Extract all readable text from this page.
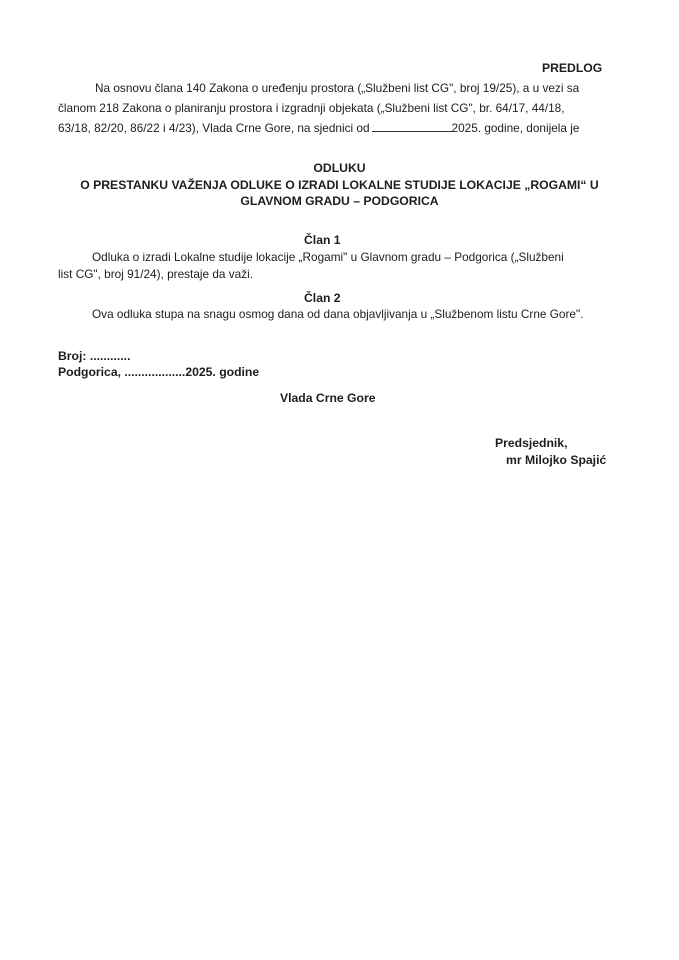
PREDLOG
Na osnovu člana 140 Zakona o uređenju prostora („Službeni list CG", broj 19/25), a u vezi sa
članom 218 Zakona o planiranju prostora i izgradnji objekata („Službeni list CG", br. 64/17, 44/18,
63/18, 82/20, 86/22 i 4/23), Vlada Crne Gore, na sjednici od	2025. godine, donijela je
ODLUKU
O PRESTANKU VAŽENJA ODLUKE O IZRADI LOKALNE STUDIJE LOKACIJE „ROGAMI“ U
GLAVNOM GRADU – PODGORICA
Član 1
Odluka o izradi Lokalne studije lokacije „Rogami" u Glavnom gradu – Podgorica („Službeni
list CG", broj 91/24), prestaje da važi.
Član 2
Ova odluka stupa na snagu osmog dana od dana objavljivanja u „Službenom listu Crne Gore".
Broj: ............
Podgorica, ..................2025. godine
Vlada Crne Gore
Predsjednik,
mr Milojko Spajić
